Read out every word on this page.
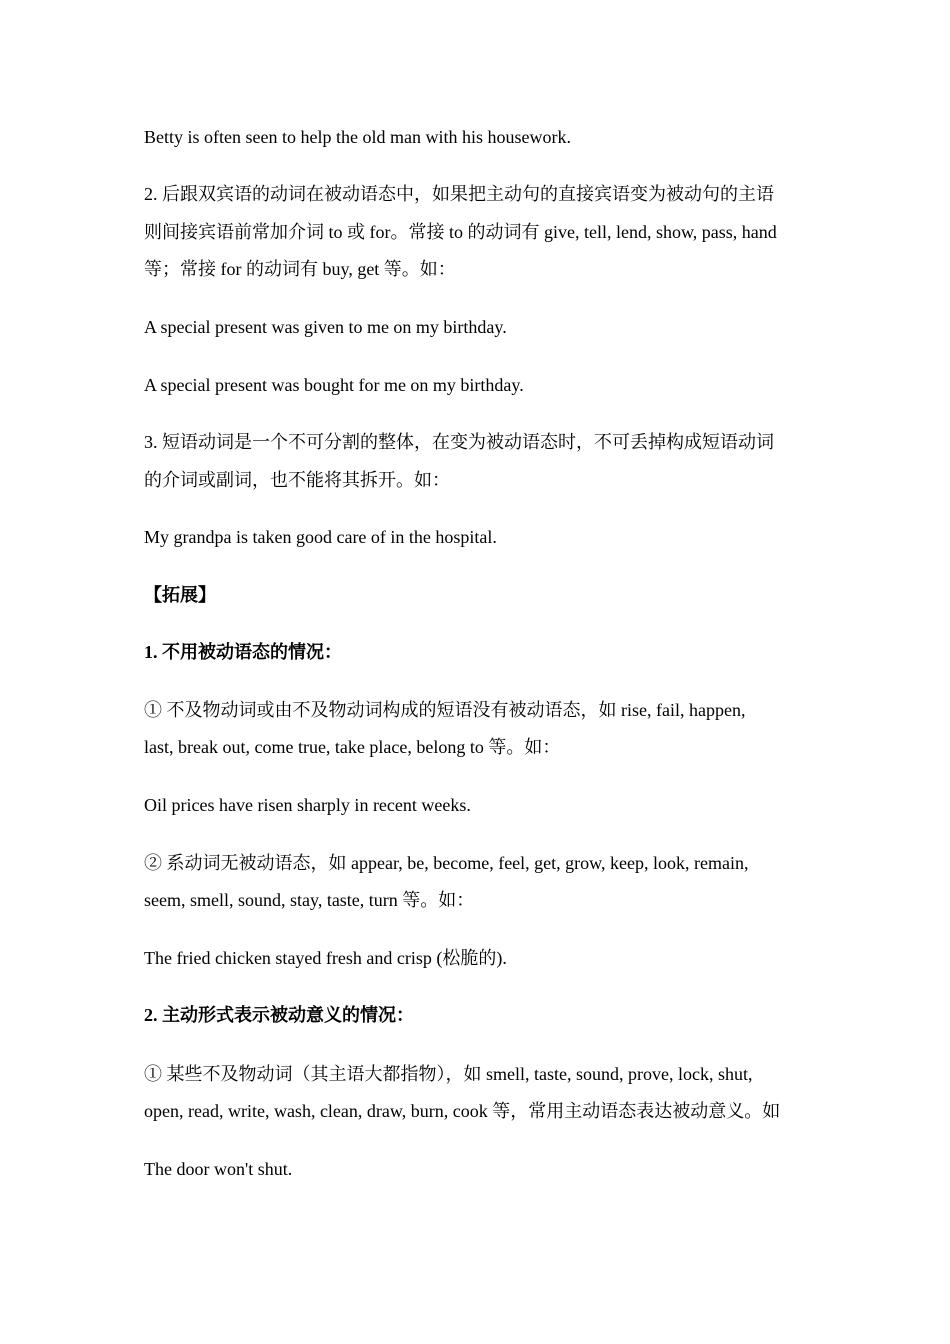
Betty is often seen to help the old man with his housework.
2. 后跟双宾语的动词在被动语态中，如果把主动句的直接宾语变为被动句的主语
则间接宾语前常加介词 to 或 for。常接 to 的动词有 give, tell, lend, show, pass, hand
等；常接 for 的动词有 buy, get 等。如：
A special present was given to me on my birthday.
A special present was bought for me on my birthday.
3. 短语动词是一个不可分割的整体，在变为被动语态时，不可丢掉构成短语动词
的介词或副词，也不能将其拆开。如：
My grandpa is taken good care of in the hospital.
【拓展】
1. 不用被动语态的情况：
① 不及物动词或由不及物动词构成的短语没有被动语态，如 rise, fail, happen,
last, break out, come true, take place, belong to 等。如：
Oil prices have risen sharply in recent weeks.
② 系动词无被动语态，如 appear, be, become, feel, get, grow, keep, look, remain,
seem, smell, sound, stay, taste, turn 等。如：
The fried chicken stayed fresh and crisp (松脆的).
2. 主动形式表示被动意义的情况：
① 某些不及物动词（其主语大都指物），如 smell, taste, sound, prove, lock, shut,
open, read, write, wash, clean, draw, burn, cook 等，常用主动语态表达被动意义。如
The door won't shut.
